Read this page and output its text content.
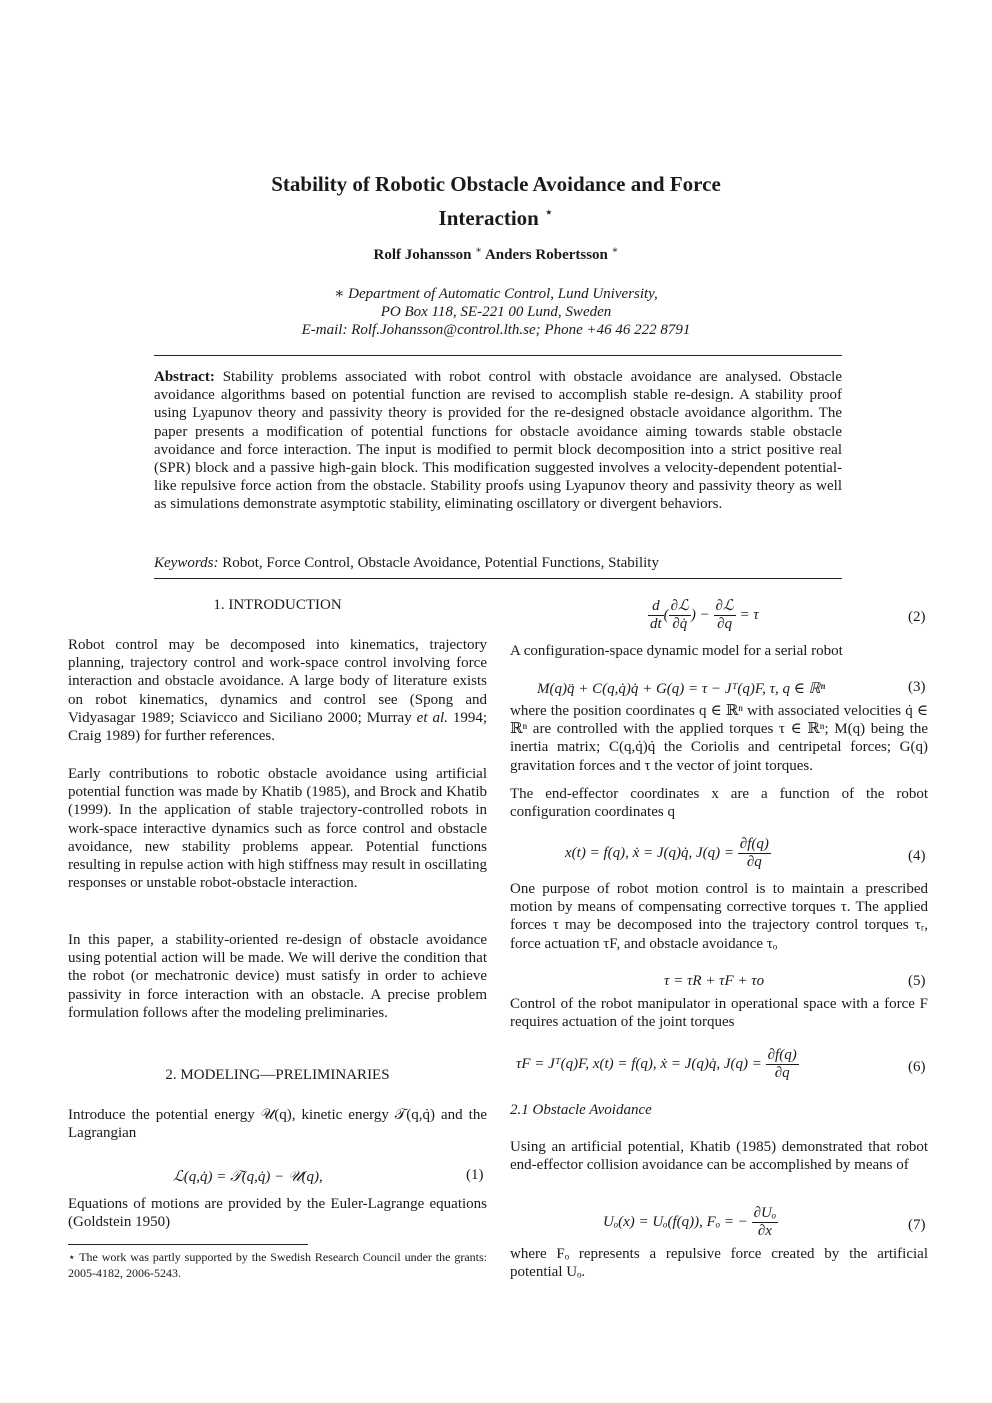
Stability of Robotic Obstacle Avoidance and Force
Interaction ⋆
Rolf Johansson ∗ Anders Robertsson ∗
∗ Department of Automatic Control, Lund University,
PO Box 118, SE-221 00 Lund, Sweden
E-mail: Rolf.Johansson@control.lth.se; Phone +46 46 222 8791
Abstract: Stability problems associated with robot control with obstacle avoidance are analysed. Obstacle avoidance algorithms based on potential function are revised to accomplish stable re-design. A stability proof using Lyapunov theory and passivity theory is provided for the re-designed obstacle avoidance algorithm. The paper presents a modification of potential functions for obstacle avoidance aiming towards stable obstacle avoidance and force interaction. The input is modified to permit block decomposition into a strict positive real (SPR) block and a passive high-gain block. This modification suggested involves a velocity-dependent potential-like repulsive force action from the obstacle. Stability proofs using Lyapunov theory and passivity theory as well as simulations demonstrate asymptotic stability, eliminating oscillatory or divergent behaviors.
Keywords: Robot, Force Control, Obstacle Avoidance, Potential Functions, Stability
1. INTRODUCTION

Robot control may be decomposed into kinematics, trajectory planning, trajectory control and work-space control involving force interaction and obstacle avoidance. A large body of literature exists on robot kinematics, dynamics and control see (Spong and Vidyasagar 1989; Sciavicco and Siciliano 2000; Murray et al. 1994; Craig 1989) for further references.

Early contributions to robotic obstacle avoidance using artificial potential function was made by Khatib (1985), and Brock and Khatib (1999). In the application of stable trajectory-controlled robots in work-space interactive dynamics such as force control and obstacle avoidance, new stability problems appear. Potential functions resulting in repulse action with high stiffness may result in oscillating responses or unstable robot-obstacle interaction.

In this paper, a stability-oriented re-design of obstacle avoidance using potential action will be made. We will derive the condition that the robot (or mechatronic device) must satisfy in order to achieve passivity in force interaction with an obstacle. A precise problem formulation follows after the modeling preliminaries.

2. MODELING—PRELIMINARIES

Introduce the potential energy 𝒰(q), kinetic energy 𝒯(q,q̇) and the Lagrangian

ℒ(q,q̇) = 𝒯(q,q̇) − 𝒰(q),	(1)

Equations of motions are provided by the Euler-Lagrange equations (Goldstein 1950)

⋆ The work was partly supported by the Swedish Research Council under the grants: 2005-4182, 2006-5243.
$\frac{d}{dt}$ ( $\frac{\text{∂ℒ}}{\partial q̇}$ ) − $\frac{\text{∂ℒ}}{\partial q} = \tau$	(2)

A configuration-space dynamic model for a serial robot

M(q)q̈ + C(q,q̇)q̇ + G(q) = τ − Jᵀ(q)F, τ, q ∈ ℝⁿ	(3)

where the position coordinates q ∈ ℝⁿ with associated velocities q̇ ∈ ℝⁿ are controlled with the applied torques τ ∈ ℝⁿ; M(q) being the inertia matrix; C(q,q̇)q̇ the Coriolis and centripetal forces; G(q) gravitation forces and τ the vector of joint torques.

The end-effector coordinates x are a function of the robot configuration coordinates q

x(t) = f(q), ẋ = J(q)q̇, $J(q) = \frac{\partial f(q)}{\partial q}$	(4)

One purpose of robot motion control is to maintain a prescribed motion by means of compensating corrective torques τ. The applied forces τ may be decomposed into the trajectory control torques τᵣ, force actuation τF, and obstacle avoidance τₒ

τ = τR + τF + τo	(5)

Control of the robot manipulator in operational space with a force F requires actuation of the joint torques

τF = Jᵀ(q)F, x(t) = f(q), ẋ = J(q)q̇, $J(q) = \frac{\partial f(q)}{\partial q}$	(6)
2.1 Obstacle Avoidance

Using an artificial potential, Khatib (1985) demonstrated that robot end-effector collision avoidance can be accomplished by means of

Uₒ(x) = Uₒ(f(q)), Fₒ = − $\frac{\text{∂Uₒ}}{\partial x}$	(7)

where Fₒ represents a repulsive force created by the artificial potential Uₒ.
